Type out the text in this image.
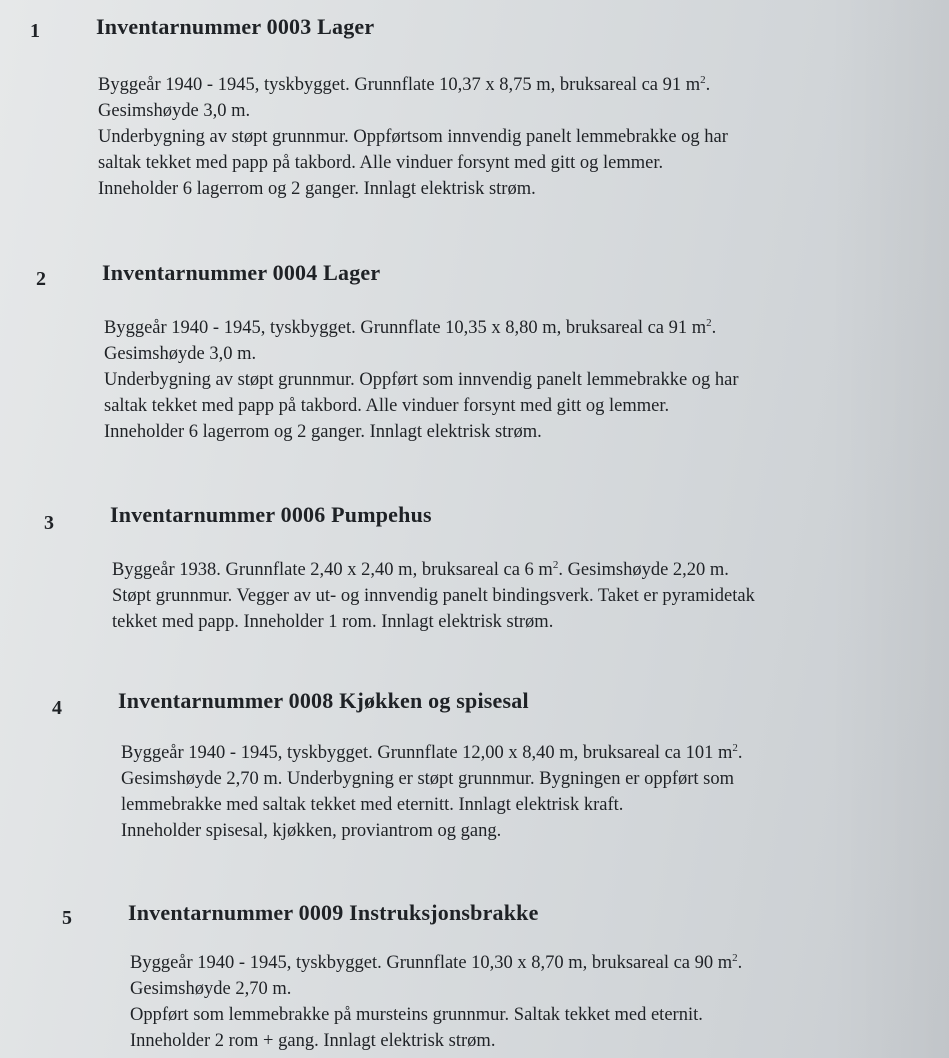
1	Inventarnummer 0003 Lager
Byggeår 1940 - 1945, tyskbygget. Grunnflate 10,37 x 8,75 m, bruksareal ca 91 $m^2$.
Gesimshøyde 3,0 m.
Underbygning av støpt grunnmur. Oppførtsom innvendig panelt lemmebrakke og har
saltak tekket med papp på takbord. Alle vinduer forsynt med gitt og lemmer.
Inneholder 6 lagerrom og 2 ganger. Innlagt elektrisk strøm.
2	Inventarnummer 0004 Lager
Byggeår 1940 - 1945, tyskbygget. Grunnflate 10,35 x 8,80 m, bruksareal ca 91 $m^2$.
Gesimshøyde 3,0 m.
Underbygning av støpt grunnmur. Oppført som innvendig panelt lemmebrakke og har
saltak tekket med papp på takbord. Alle vinduer forsynt med gitt og lemmer.
Inneholder 6 lagerrom og 2 ganger. Innlagt elektrisk strøm.
3	Inventarnummer 0006 Pumpehus
Byggeår 1938. Grunnflate 2,40 x 2,40 m, bruksareal ca 6 $m^2$. Gesimshøyde 2,20 m.
Støpt grunnmur. Vegger av ut- og innvendig panelt bindingsverk. Taket er pyramidetak
tekket med papp. Inneholder 1 rom. Innlagt elektrisk strøm.
4	Inventarnummer 0008 Kjøkken og spisesal
Byggeår 1940 - 1945, tyskbygget. Grunnflate 12,00 x 8,40 m, bruksareal ca 101 $m^2$.
Gesimshøyde 2,70 m. Underbygning er støpt grunnmur. Bygningen er oppført som
lemmebrakke med saltak tekket med eternitt. Innlagt elektrisk kraft.
Inneholder spisesal, kjøkken, proviantrom og gang.
5	Inventarnummer 0009 Instruksjonsbrakke
Byggeår 1940 - 1945, tyskbygget. Grunnflate 10,30 x 8,70 m, bruksareal ca 90 $m^2$.
Gesimshøyde 2,70 m.
Oppført som lemmebrakke på mursteins grunnmur. Saltak tekket med eternit.
Inneholder 2 rom + gang. Innlagt elektrisk strøm.
